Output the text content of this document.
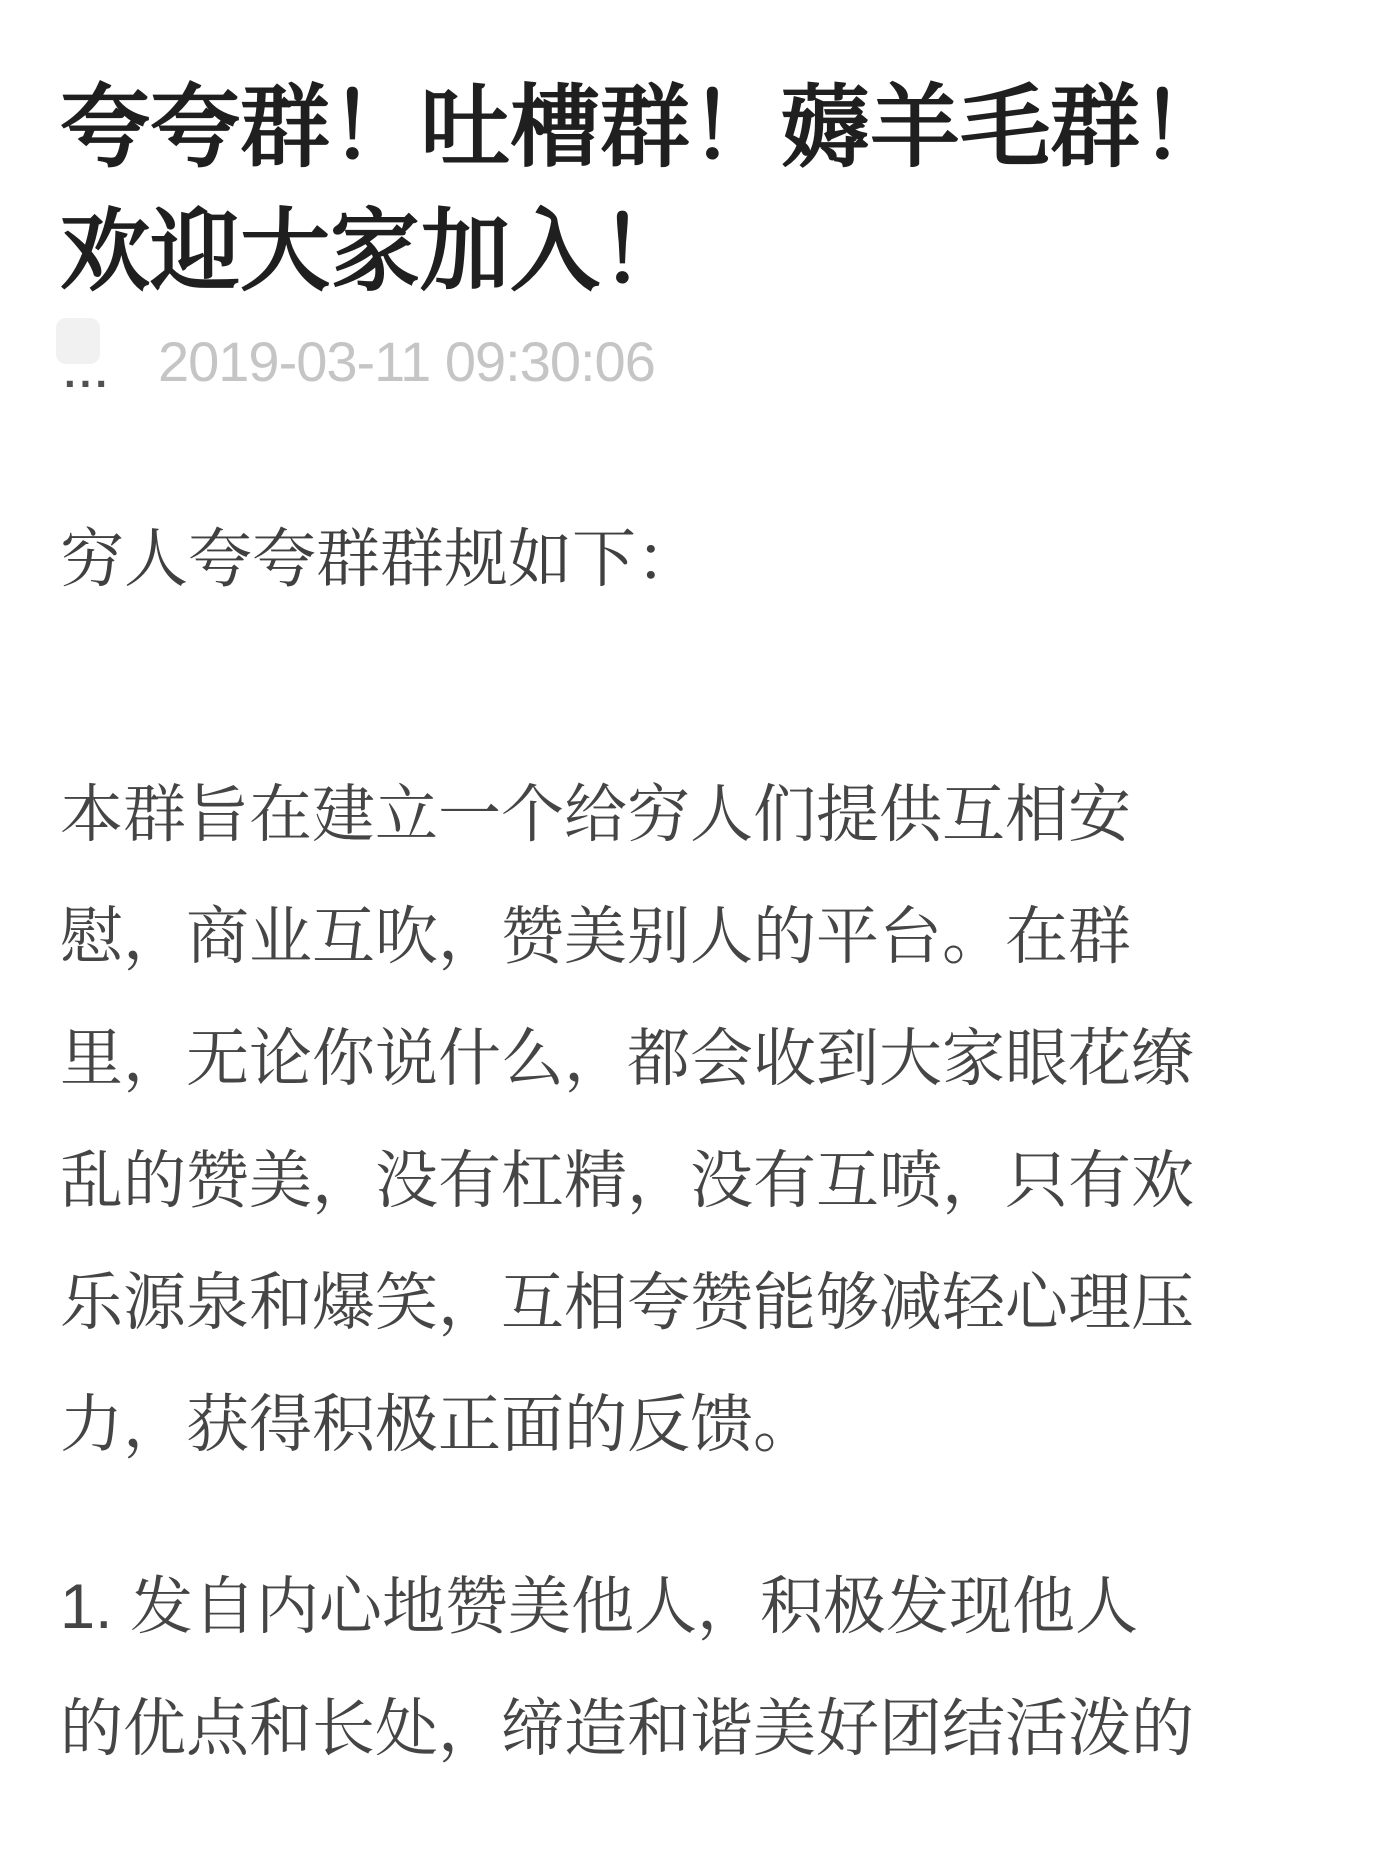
夸夸群！吐槽群！薅羊毛群！
欢迎大家加入！
... 2019-03-11 09:30:06
穷人夸夸群群规如下：
本群旨在建立一个给穷人们提供互相安
慰，商业互吹，赞美别人的平台。在群
里，无论你说什么，都会收到大家眼花缭
乱的赞美，没有杠精，没有互喷，只有欢
乐源泉和爆笑，互相夸赞能够减轻心理压
力，获得积极正面的反馈。
1. 发自内心地赞美他人，积极发现他人
的优点和长处，缔造和谐美好团结活泼的
